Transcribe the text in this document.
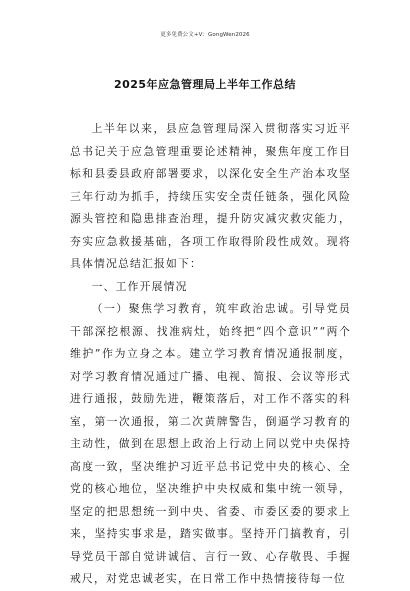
更多免费公文+V：GongWen2026
2025年应急管理局上半年工作总结

上半年以来，县应急管理局深入贯彻落实习近平总书记关于应急管理重要论述精神，聚焦年度工作目标和县委县政府部署要求，以深化安全生产治本攻坚三年行动为抓手，持续压实安全责任链条，强化风险源头管控和隐患排查治理，提升防灾减灾救灾能力，夯实应急救援基础，各项工作取得阶段性成效。现将具体情况总结汇报如下：

一、工作开展情况

（一）聚焦学习教育，筑牢政治忠诚。引导党员干部深挖根源、找准病灶，始终把“四个意识”“两个维护”作为立身之本。建立学习教育情况通报制度，对学习教育情况通过广播、电视、简报、会议等形式进行通报，鼓励先进，鞭策落后，对工作不落实的科室，第一次通报，第二次黄牌警告，倒逼学习教育的主动性，做到在思想上政治上行动上同以党中央保持高度一致，坚决维护习近平总书记党中央的核心、全党的核心地位，坚决维护中央权威和集中统一领导，坚定的把思想统一到中央、省委、市委区委的要求上来，坚持实事求是，踏实做事。坚持开门搞教育，引导党员干部自觉讲诚信、言行一致、心存敬畏、手握戒尺，对党忠诚老实，在日常工作中热情接待每一位
